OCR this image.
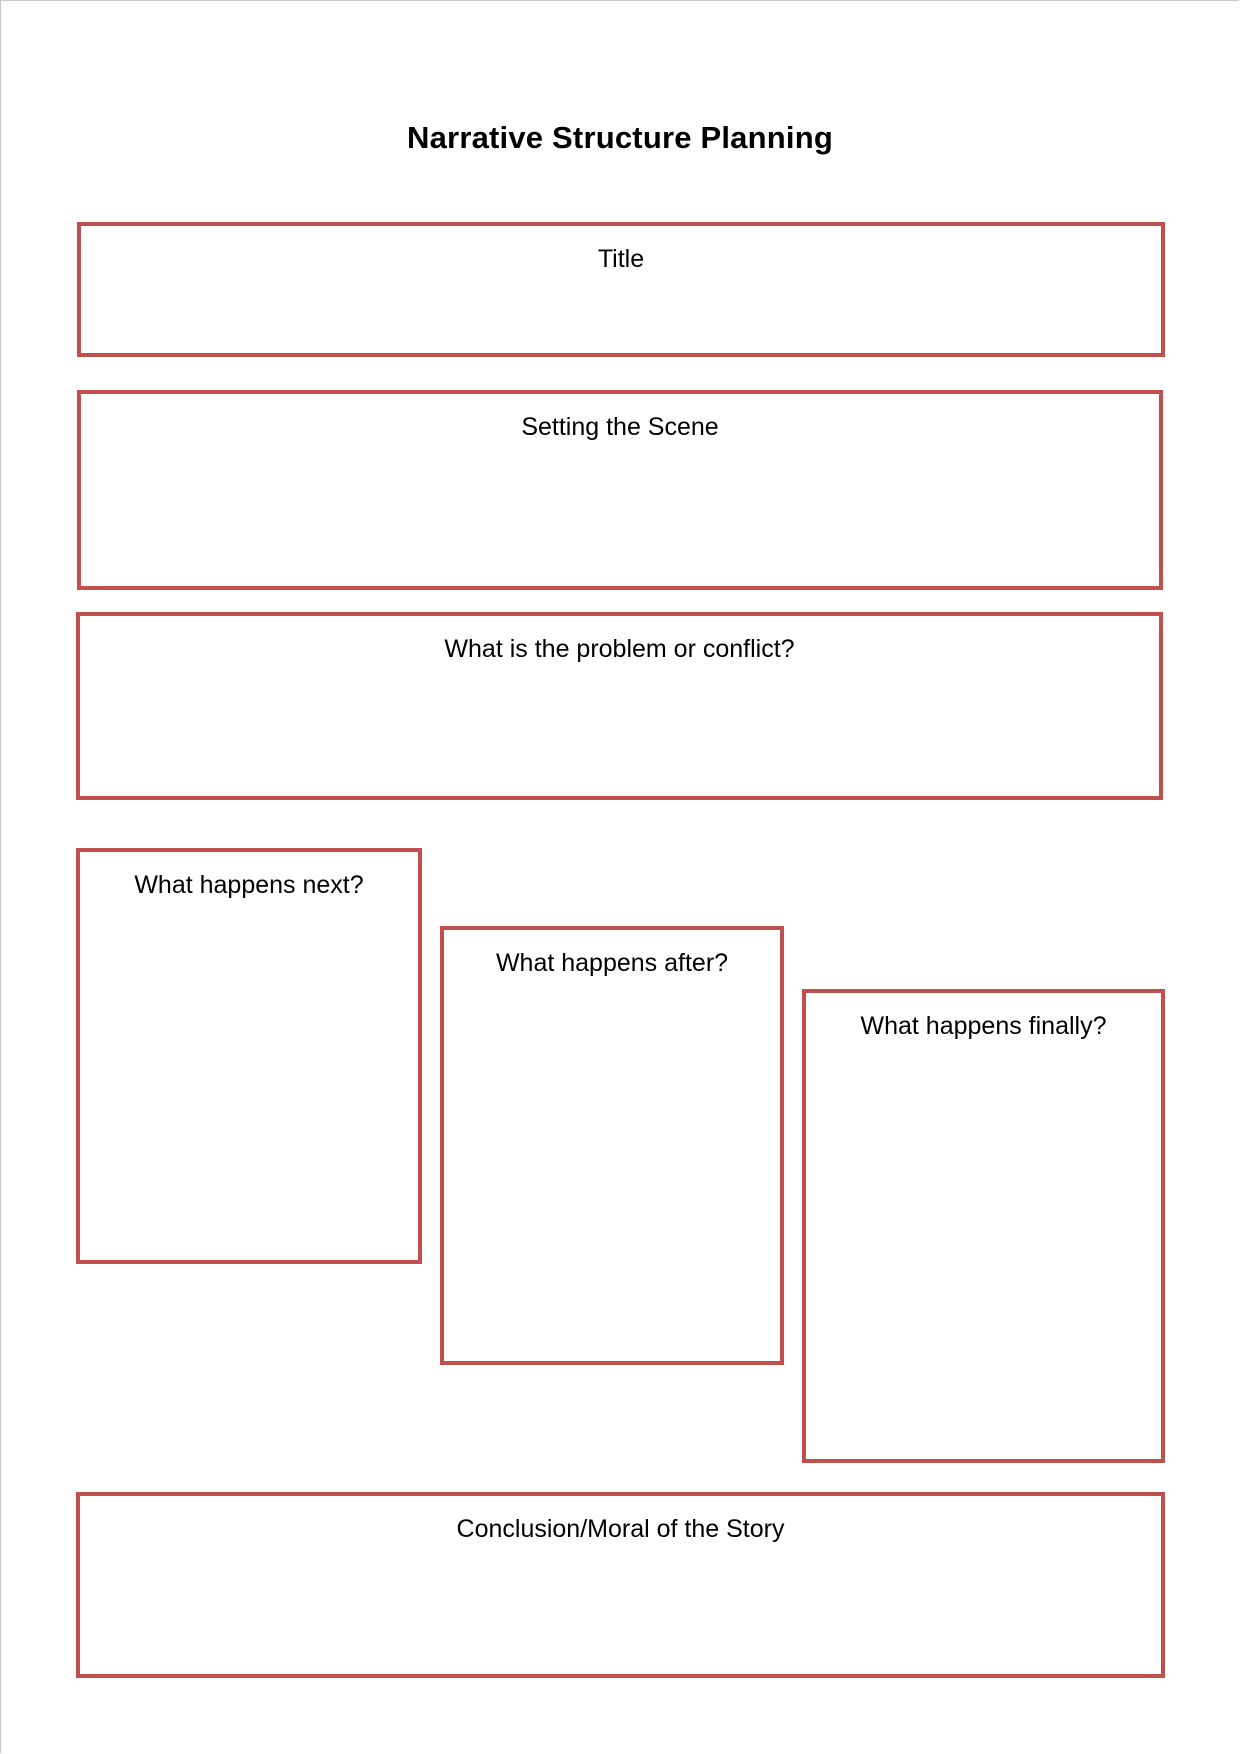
Narrative Structure Planning
Title
Setting the Scene
What is the problem or conflict?
What happens next?
What happens after?
What happens finally?
Conclusion/Moral of the Story
